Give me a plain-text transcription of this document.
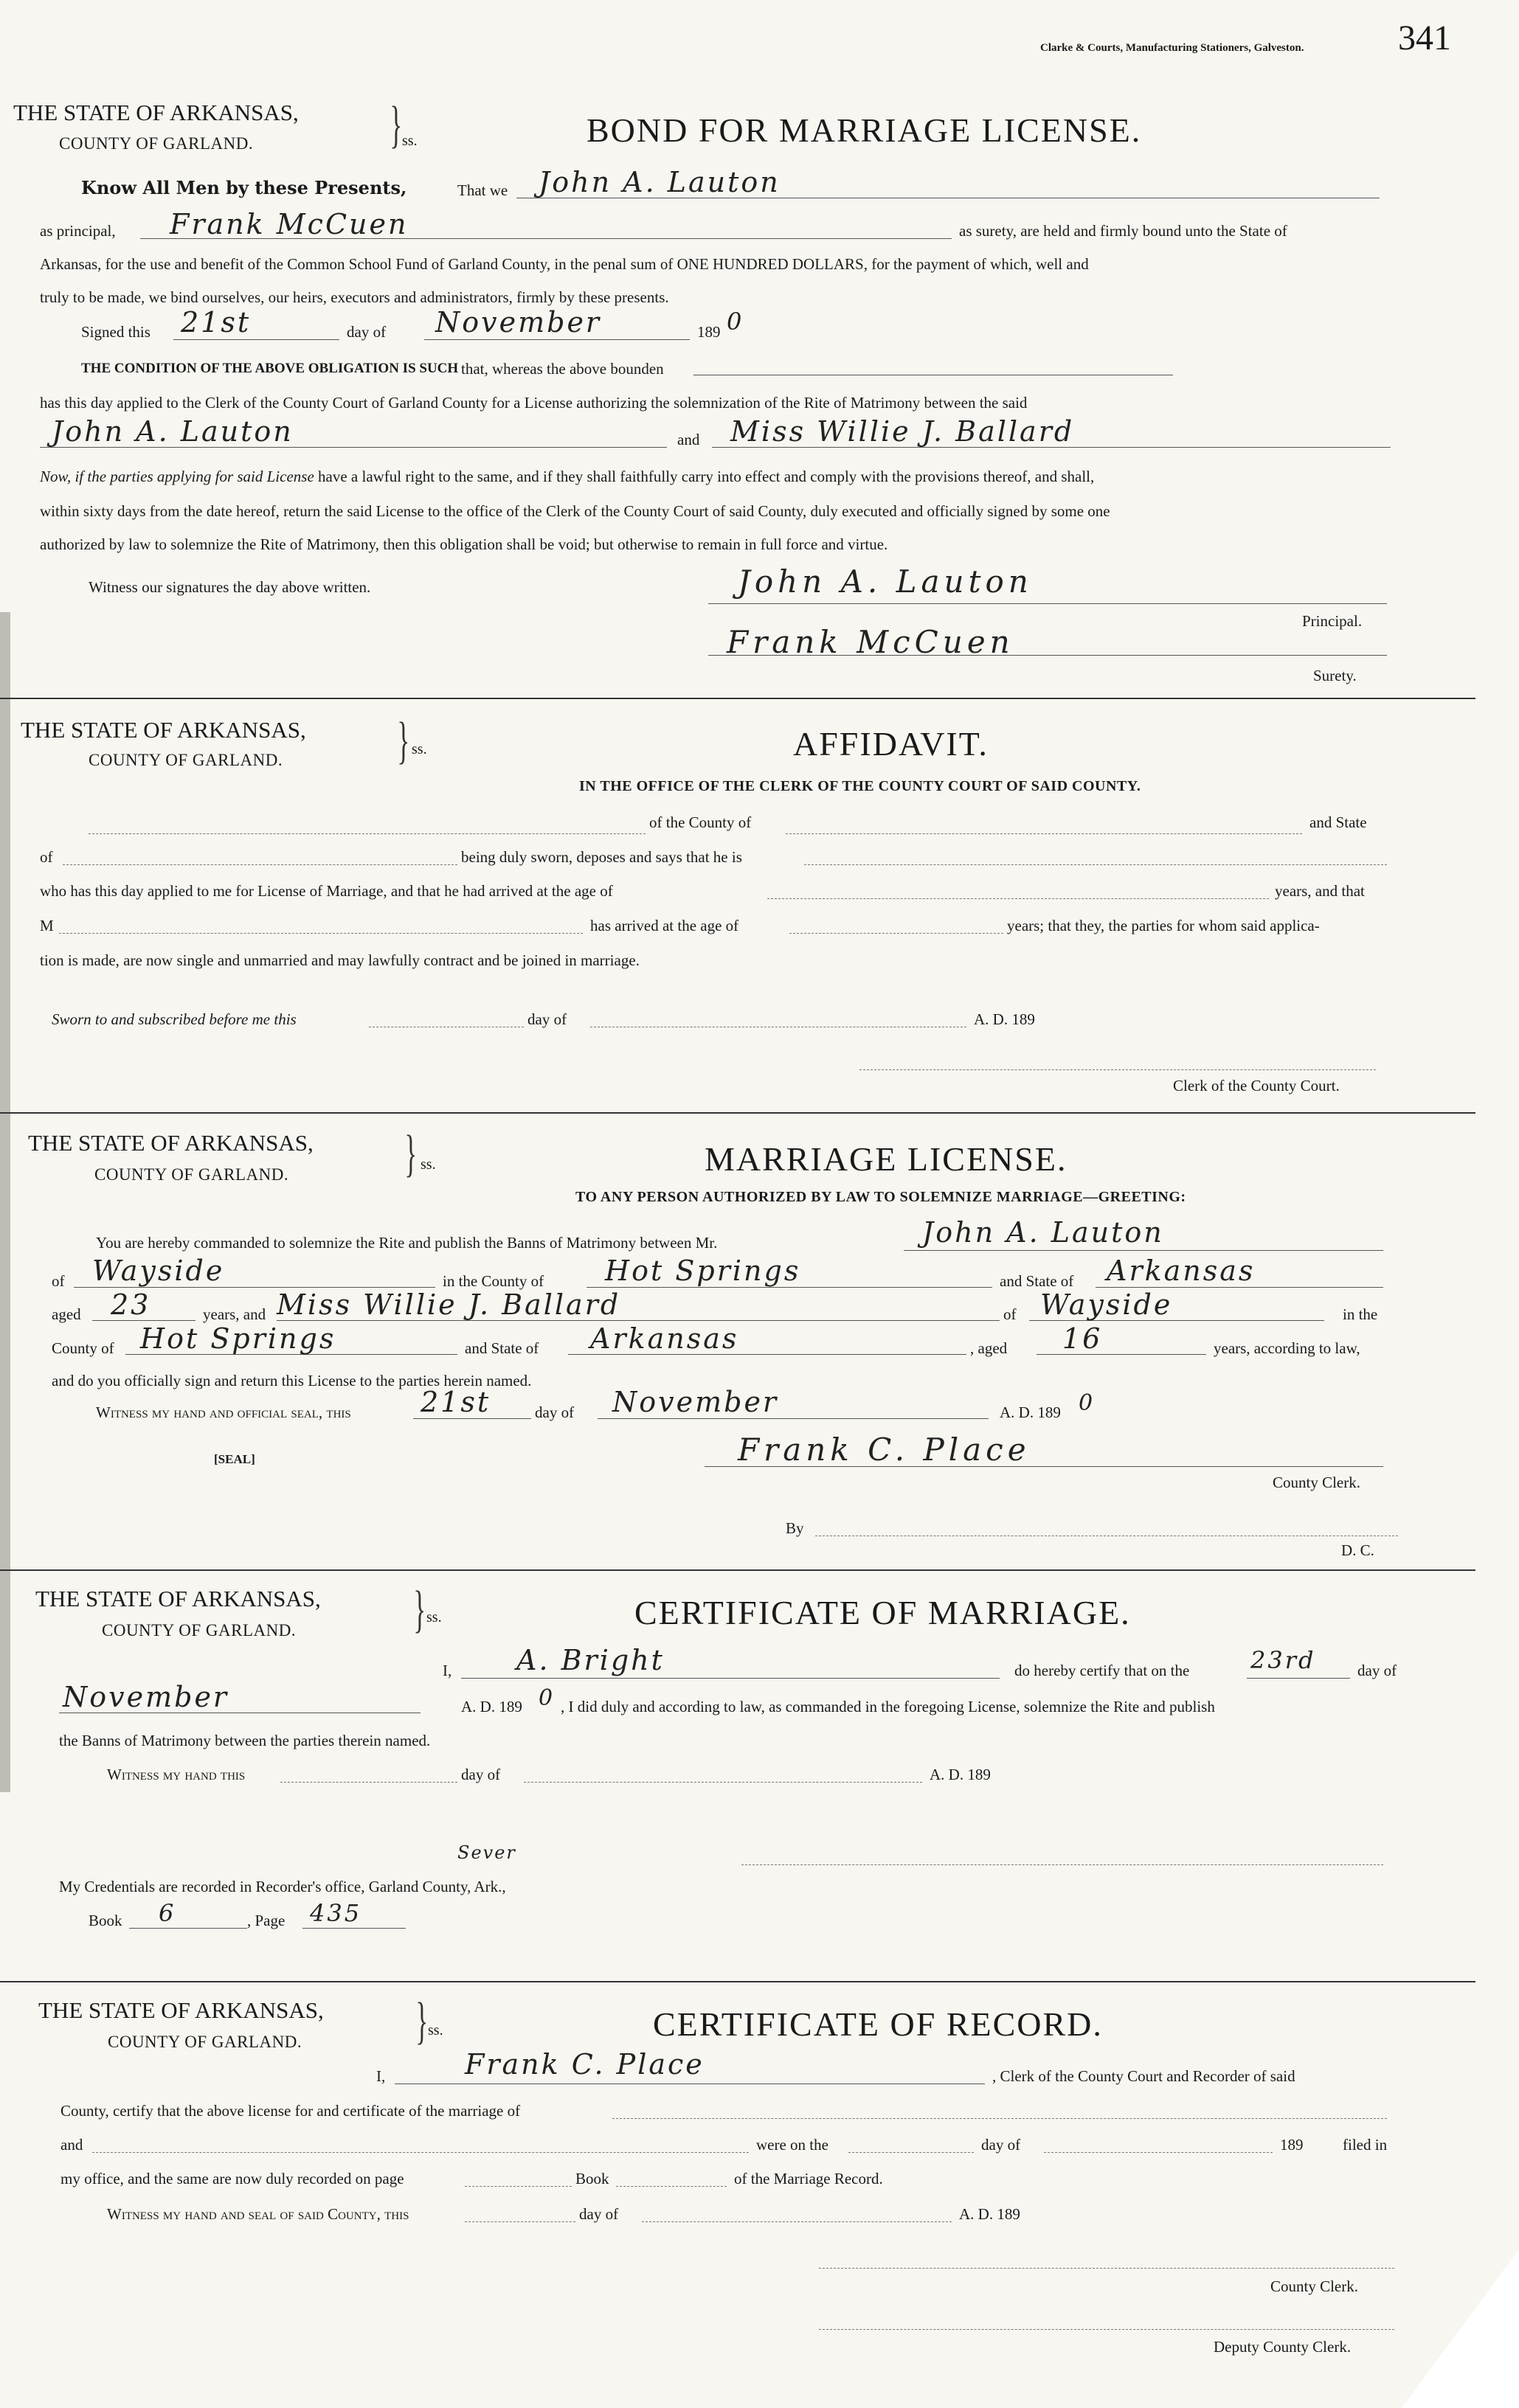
Clarke & Courts, Manufacturing Stationers, Galveston.	341
THE STATE OF ARKANSAS,
COUNTY OF GARLAND.	} ss.	BOND FOR MARRIAGE LICENSE.
Know All Men by these Presents,	That we John A. Lauton
as principal, Frank McCuen	as surety, are held and firmly bound unto the State of
Arkansas, for the use and benefit of the Common School Fund of Garland County, in the penal sum of ONE HUNDRED DOLLARS, for the payment of which, well and
truly to be made, we bind ourselves, our heirs, executors and administrators, firmly by these presents.
Signed this 21st	day of November	189 0
THE CONDITION OF THE ABOVE OBLIGATION IS SUCH that, whereas the above bounden
has this day applied to the Clerk of the County Court of Garland County for a License authorizing the solemnization of the Rite of Matrimony between the said
John A. Lauton	and Miss Willie J. Ballard
Now, if the parties applying for said License have a lawful right to the same, and if they shall faithfully carry into effect and comply with the provisions thereof, and shall,
within sixty days from the date hereof, return the said License to the office of the Clerk of the County Court of said County, duly executed and officially signed by some one
authorized by law to solemnize the Rite of Matrimony, then this obligation shall be void; but otherwise to remain in full force and virtue.
Witness our signatures the day above written.	John A. Lauton
Principal.
Frank McCuen
Surety.
THE STATE OF ARKANSAS,
COUNTY OF GARLAND. } ss.	AFFIDAVIT.
IN THE OFFICE OF THE CLERK OF THE COUNTY COURT OF SAID COUNTY.
of the County of	and State
of	being duly sworn, deposes and says that he is
who has this day applied to me for License of Marriage, and that he had arrived at the age of	years, and that
M	has arrived at the age of	years; that they, the parties for whom said applica-
tion is made, are now single and unmarried and may lawfully contract and be joined in marriage.
Sworn to and subscribed before me this	day of	A. D. 189
Clerk of the County Court.
THE STATE OF ARKANSAS,
COUNTY OF GARLAND. } ss.	MARRIAGE LICENSE.
TO ANY PERSON AUTHORIZED BY LAW TO SOLEMNIZE MARRIAGE—GREETING:
You are hereby commanded to solemnize the Rite and publish the Banns of Matrimony between Mr.	John A. Lauton
of Wayside	in the County of Hot Springs	and State of Arkansas
aged 23	years, and Miss Willie J. Ballard	of Wayside	in the
County of Hot Springs	and State of Arkansas	, aged 16	years, according to law,
and do you officially sign and return this License to the parties herein named.
Witness my hand and official seal, this 21st	day of November	A. D. 189 0
[SEAL]	Frank C. Place
County Clerk.
By
D. C.
THE STATE OF ARKANSAS,
COUNTY OF GARLAND. } ss.	CERTIFICATE OF MARRIAGE.
I, A. Bright	do hereby certify that on the	23rd	day of
November	A. D. 189 0 , I did duly and according to law, as commanded in the foregoing License, solemnize the Rite and publish
the Banns of Matrimony between the parties therein named.
Witness my hand this	day of	A. D. 189
Sever
My Credentials are recorded in Recorder's office, Garland County, Ark.,
Book 6	, Page 435
THE STATE OF ARKANSAS,
COUNTY OF GARLAND. } ss.	CERTIFICATE OF RECORD.
I,	Frank C. Place	, Clerk of the County Court and Recorder of said
County, certify that the above license for and certificate of the marriage of
and	were on the	day of	189	filed in
my office, and the same are now duly recorded on page	Book	of the Marriage Record.
Witness my hand and seal of said County, this	day of	A. D. 189
County Clerk.
Deputy County Clerk.
